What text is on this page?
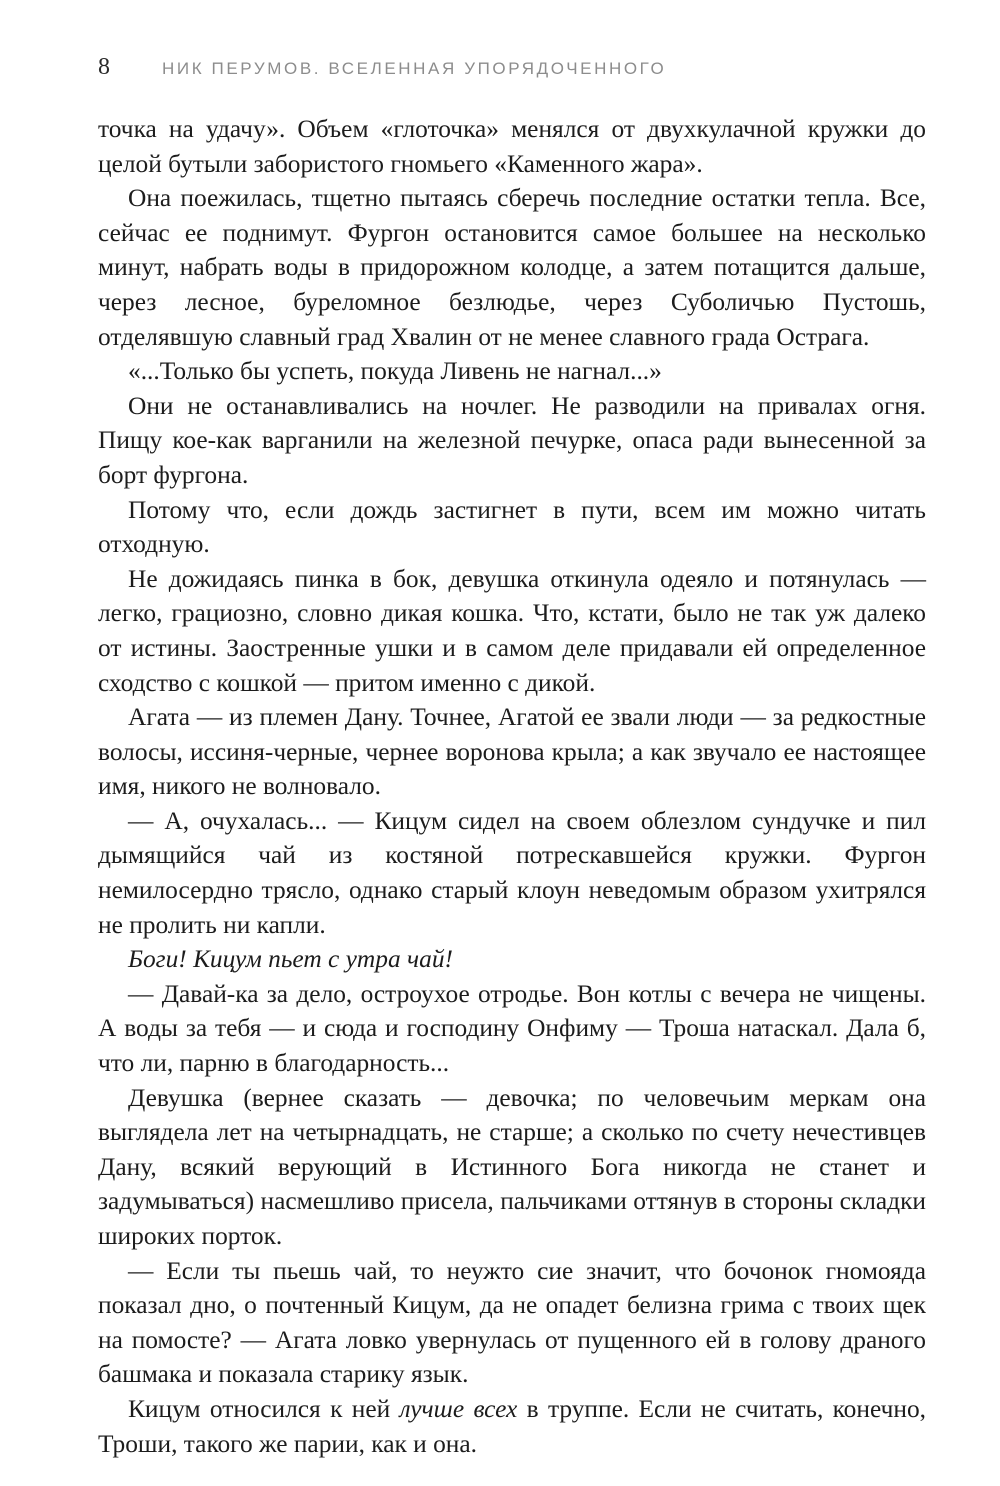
8	НИК ПЕРУМОВ. ВСЕЛЕННАЯ УПОРЯДОЧЕННОГО

точка на удачу». Объем «глоточка» менялся от двухкулачной кружки до целой бутыли забористого гномьего «Каменного жара».

Она поежилась, тщетно пытаясь сберечь последние остатки тепла. Все, сейчас ее поднимут. Фургон остановится самое большее на несколько минут, набрать воды в придорожном колодце, а затем потащится дальше, через лесное, буреломное безлюдье, через Суболичью Пустошь, отделявшую славный град Хвалин от не менее славного града Острага.

«...Только бы успеть, покуда Ливень не нагнал...»

Они не останавливались на ночлег. Не разводили на привалах огня. Пищу кое-как варганили на железной печурке, опаса ради вынесенной за борт фургона.

Потому что, если дождь застигнет в пути, всем им можно читать отходную.

Не дожидаясь пинка в бок, девушка откинула одеяло и потянулась — легко, грациозно, словно дикая кошка. Что, кстати, было не так уж далеко от истины. Заостренные ушки и в самом деле придавали ей определенное сходство с кошкой — притом именно с дикой.

Агата — из племен Дану. Точнее, Агатой ее звали люди — за редкостные волосы, иссиня-черные, чернее воронова крыла; а как звучало ее настоящее имя, никого не волновало.

— А, очухалась... — Кицум сидел на своем облезлом сундучке и пил дымящийся чай из костяной потрескавшейся кружки. Фургон немилосердно трясло, однако старый клоун неведомым образом ухитрялся не пролить ни капли.

Боги! Кицум пьет с утра чай!

— Давай-ка за дело, остроухое отродье. Вон котлы с вечера не чищены. А воды за тебя — и сюда и господину Онфиму — Троша натаскал. Дала б, что ли, парню в благодарность...

Девушка (вернее сказать — девочка; по человечьим меркам она выглядела лет на четырнадцать, не старше; а сколько по счету нечестивцев Дану, всякий верующий в Истинного Бога никогда не станет и задумываться) насмешливо присела, пальчиками оттянув в стороны складки широких порток.

— Если ты пьешь чай, то неужто сие значит, что бочонок гномояда показал дно, о почтенный Кицум, да не опадет белизна грима с твоих щек на помосте? — Агата ловко увернулась от пущенного ей в голову драного башмака и показала старику язык.

Кицум относился к ней лучше всех в труппе. Если не считать, конечно, Троши, такого же парии, как и она.
